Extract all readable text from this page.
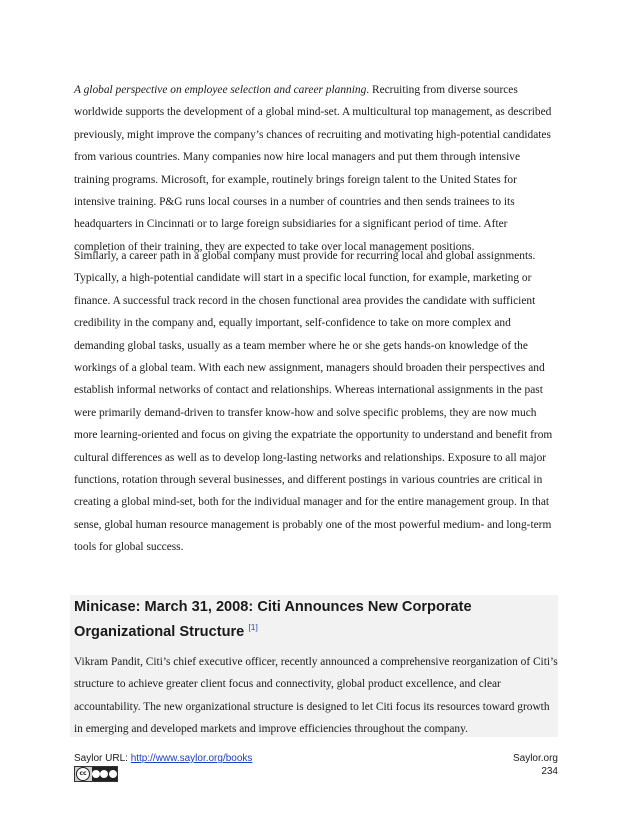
A global perspective on employee selection and career planning. Recruiting from diverse sources worldwide supports the development of a global mind-set. A multicultural top management, as described previously, might improve the company’s chances of recruiting and motivating high-potential candidates from various countries. Many companies now hire local managers and put them through intensive training programs. Microsoft, for example, routinely brings foreign talent to the United States for intensive training. P&G runs local courses in a number of countries and then sends trainees to its headquarters in Cincinnati or to large foreign subsidiaries for a significant period of time. After completion of their training, they are expected to take over local management positions.

Similarly, a career path in a global company must provide for recurring local and global assignments. Typically, a high-potential candidate will start in a specific local function, for example, marketing or finance. A successful track record in the chosen functional area provides the candidate with sufficient credibility in the company and, equally important, self-confidence to take on more complex and demanding global tasks, usually as a team member where he or she gets hands-on knowledge of the workings of a global team. With each new assignment, managers should broaden their perspectives and establish informal networks of contact and relationships. Whereas international assignments in the past were primarily demand-driven to transfer know-how and solve specific problems, they are now much more learning-oriented and focus on giving the expatriate the opportunity to understand and benefit from cultural differences as well as to develop long-lasting networks and relationships. Exposure to all major functions, rotation through several businesses, and different postings in various countries are critical in creating a global mind-set, both for the individual manager and for the entire management group. In that sense, global human resource management is probably one of the most powerful medium- and long-term tools for global success.

Minicase: March 31, 2008: Citi Announces New Corporate Organizational Structure [1]

Vikram Pandit, Citi’s chief executive officer, recently announced a comprehensive reorganization of Citi’s structure to achieve greater client focus and connectivity, global product excellence, and clear accountability. The new organizational structure is designed to let Citi focus its resources toward growth in emerging and developed markets and improve efficiencies throughout the company.

Saylor URL: http://www.saylor.org/books	Saylor.org
234
cc
